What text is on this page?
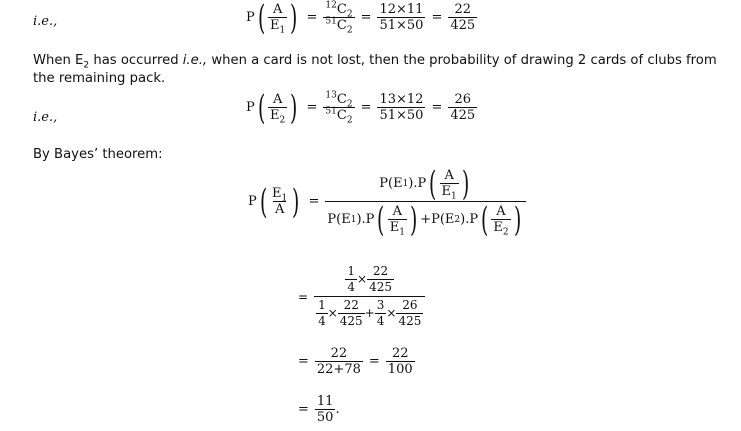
i.e.,	P ( $\frac{A}{E_1}$ ) = $\frac{^{12}C_2}{^{51}C_2} = \frac{12\times 11}{51\times 50} = \frac{22}{425}$
When $E_2$ has occurred i.e., when a card is not lost, then the probability of drawing 2 cards of clubs from
the remaining pack.
i.e.,
P ( $\frac{A}{E_2}$ ) = $\frac{^{13}C_2}{^{51}C_2} = \frac{13\times 12}{51\times 50} = \frac{26}{425}$
By Bayes’ theorem:
P ( $\frac{E_1}{A}$ ) =
P(E 1 ).P ( $\frac{A}{E_1}$ )
P(E 1 ).P ( $\frac{A}{E_1}$ ) +P(E 2 ).P ( $\frac{A}{E_2}$ )
= $\frac{\frac{1}{4} \times \frac{22}{425}}{\frac{1}{4} \times \frac{22}{425} + \frac{3}{4} \times \frac{26}{425}}$
= $\frac{22}{22+78} = \frac{22}{100}$
= $\frac{11}{50}$ .
